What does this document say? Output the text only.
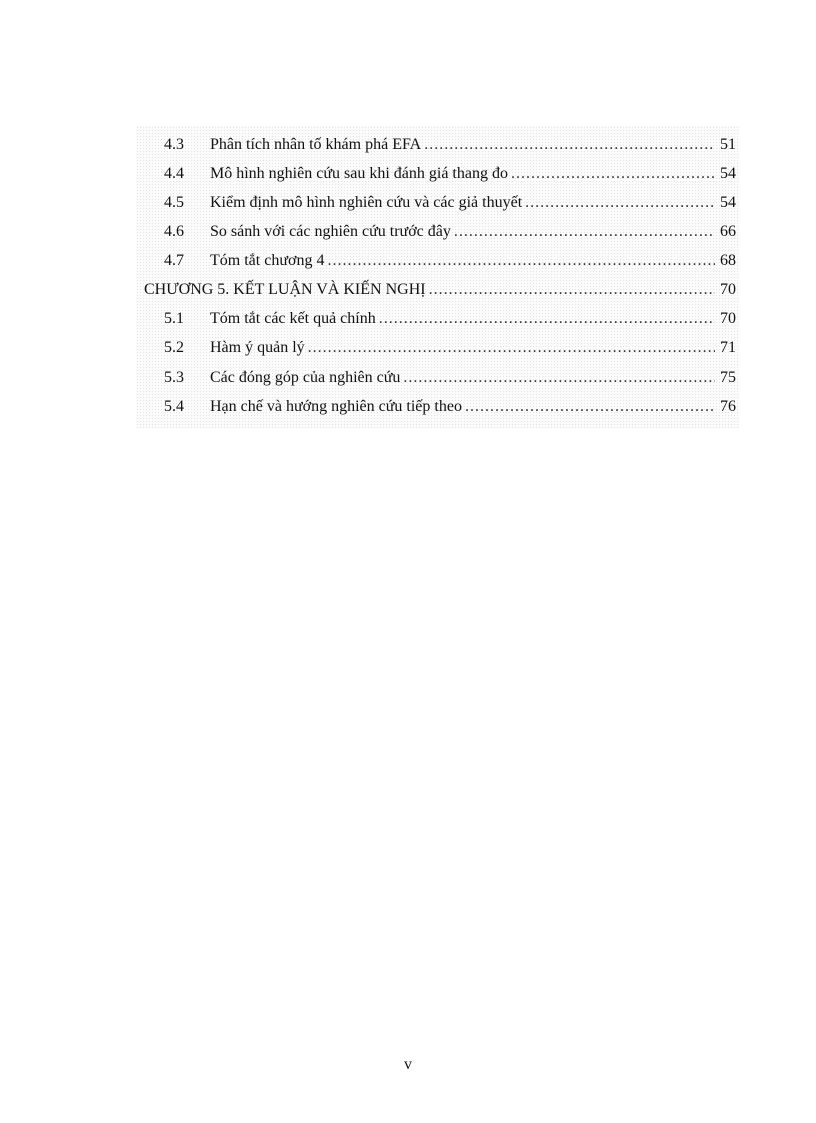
4.3	Phân tích nhân tố khám phá EFA .....	51
4.4	Mô hình nghiên cứu sau khi đánh giá thang đo .....	54
4.5	Kiểm định mô hình nghiên cứu và các giả thuyết .....	54
4.6	So sánh với các nghiên cứu trước đây .....	66
4.7	Tóm tắt chương 4 .....	68
CHƯƠNG 5. KẾT LUẬN VÀ KIẾN NGHỊ .....	70
5.1	Tóm tắt các kết quả chính .....	70
5.2	Hàm ý quản lý .....	71
5.3	Các đóng góp của nghiên cứu .....	75
5.4	Hạn chế và hướng nghiên cứu tiếp theo .....	76
v
